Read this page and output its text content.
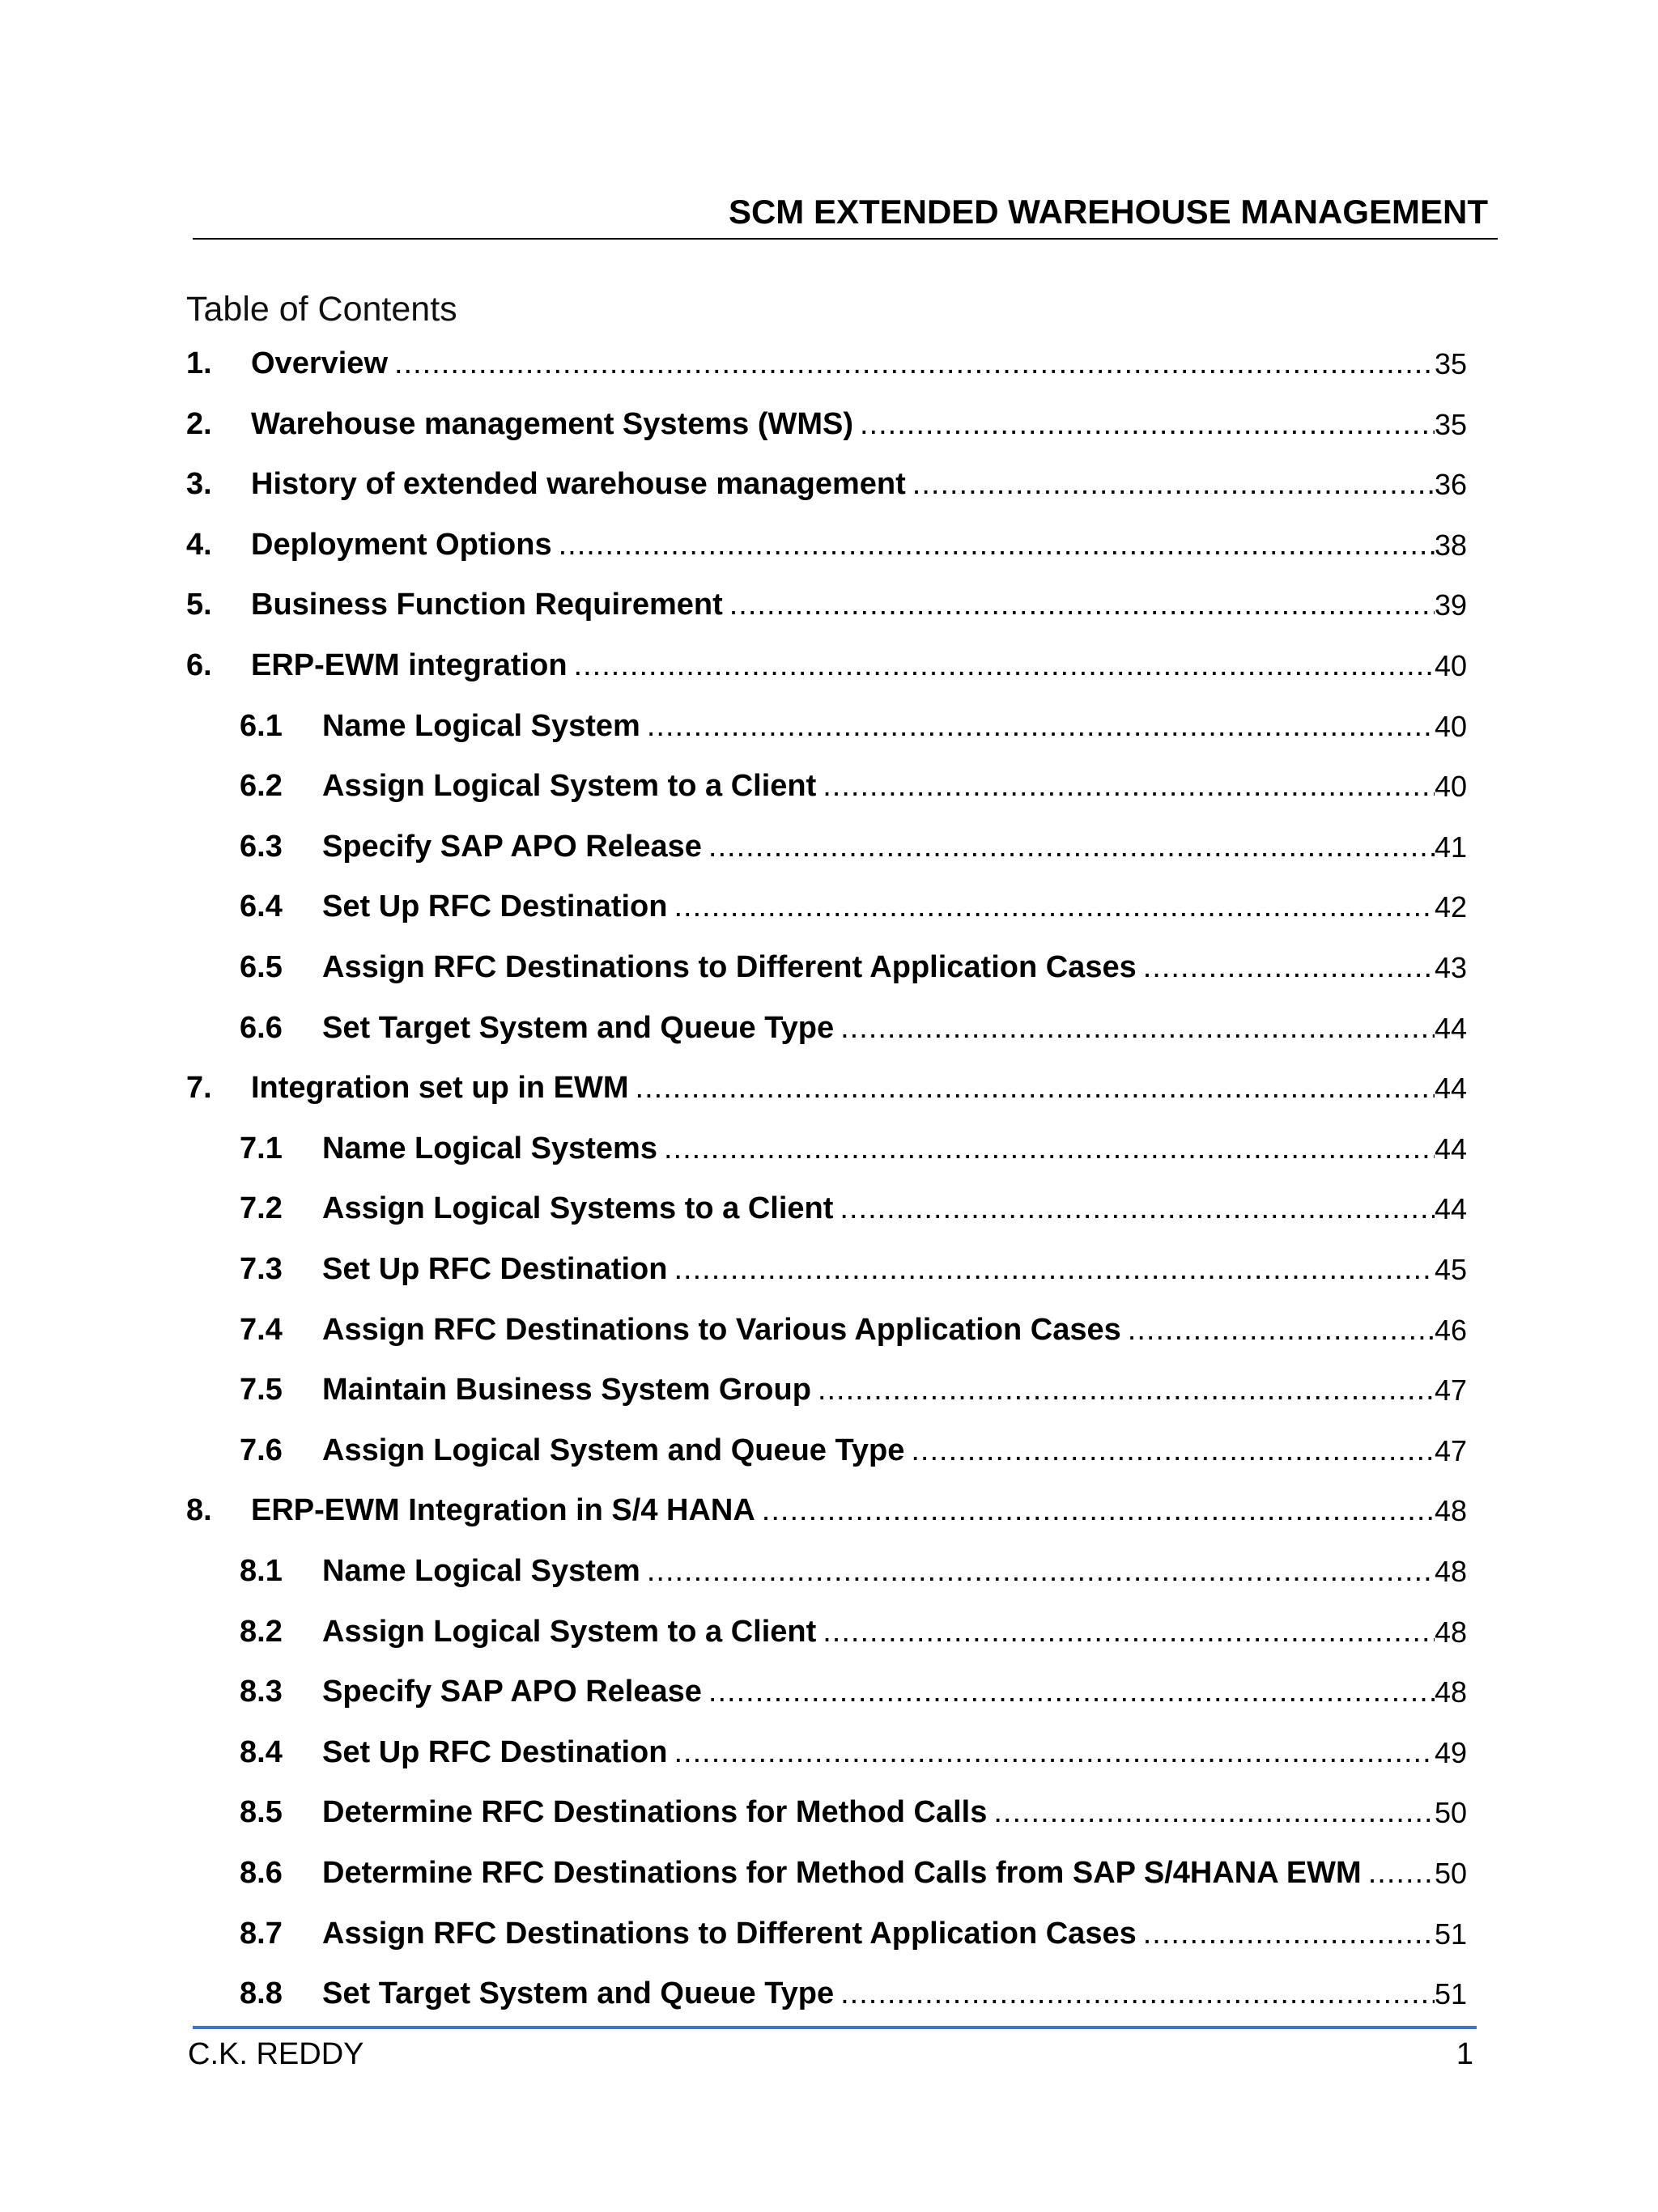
SCM EXTENDED WAREHOUSE MANAGEMENT
Table of Contents
1.	Overview .....	35
2.	Warehouse management Systems (WMS) .....	35
3.	History of extended warehouse management .....	36
4.	Deployment Options .....	38
5.	Business Function Requirement .....	39
6.	ERP-EWM integration .....	40
6.1	Name Logical System .....	40
6.2	Assign Logical System to a Client .....	40
6.3	Specify SAP APO Release .....	41
6.4	Set Up RFC Destination .....	42
6.5	Assign RFC Destinations to Different Application Cases .....	43
6.6	Set Target System and Queue Type .....	44
7.	Integration set up in EWM .....	44
7.1	Name Logical Systems .....	44
7.2	Assign Logical Systems to a Client .....	44
7.3	Set Up RFC Destination .....	45
7.4	Assign RFC Destinations to Various Application Cases .....	46
7.5	Maintain Business System Group .....	47
7.6	Assign Logical System and Queue Type .....	47
8.	ERP-EWM Integration in S/4 HANA .....	48
8.1	Name Logical System .....	48
8.2	Assign Logical System to a Client .....	48
8.3	Specify SAP APO Release .....	48
8.4	Set Up RFC Destination .....	49
8.5	Determine RFC Destinations for Method Calls .....	50
8.6	Determine RFC Destinations for Method Calls from SAP S/4HANA EWM .....	50
8.7	Assign RFC Destinations to Different Application Cases .....	51
8.8	Set Target System and Queue Type .....	51
C.K. REDDY	1
